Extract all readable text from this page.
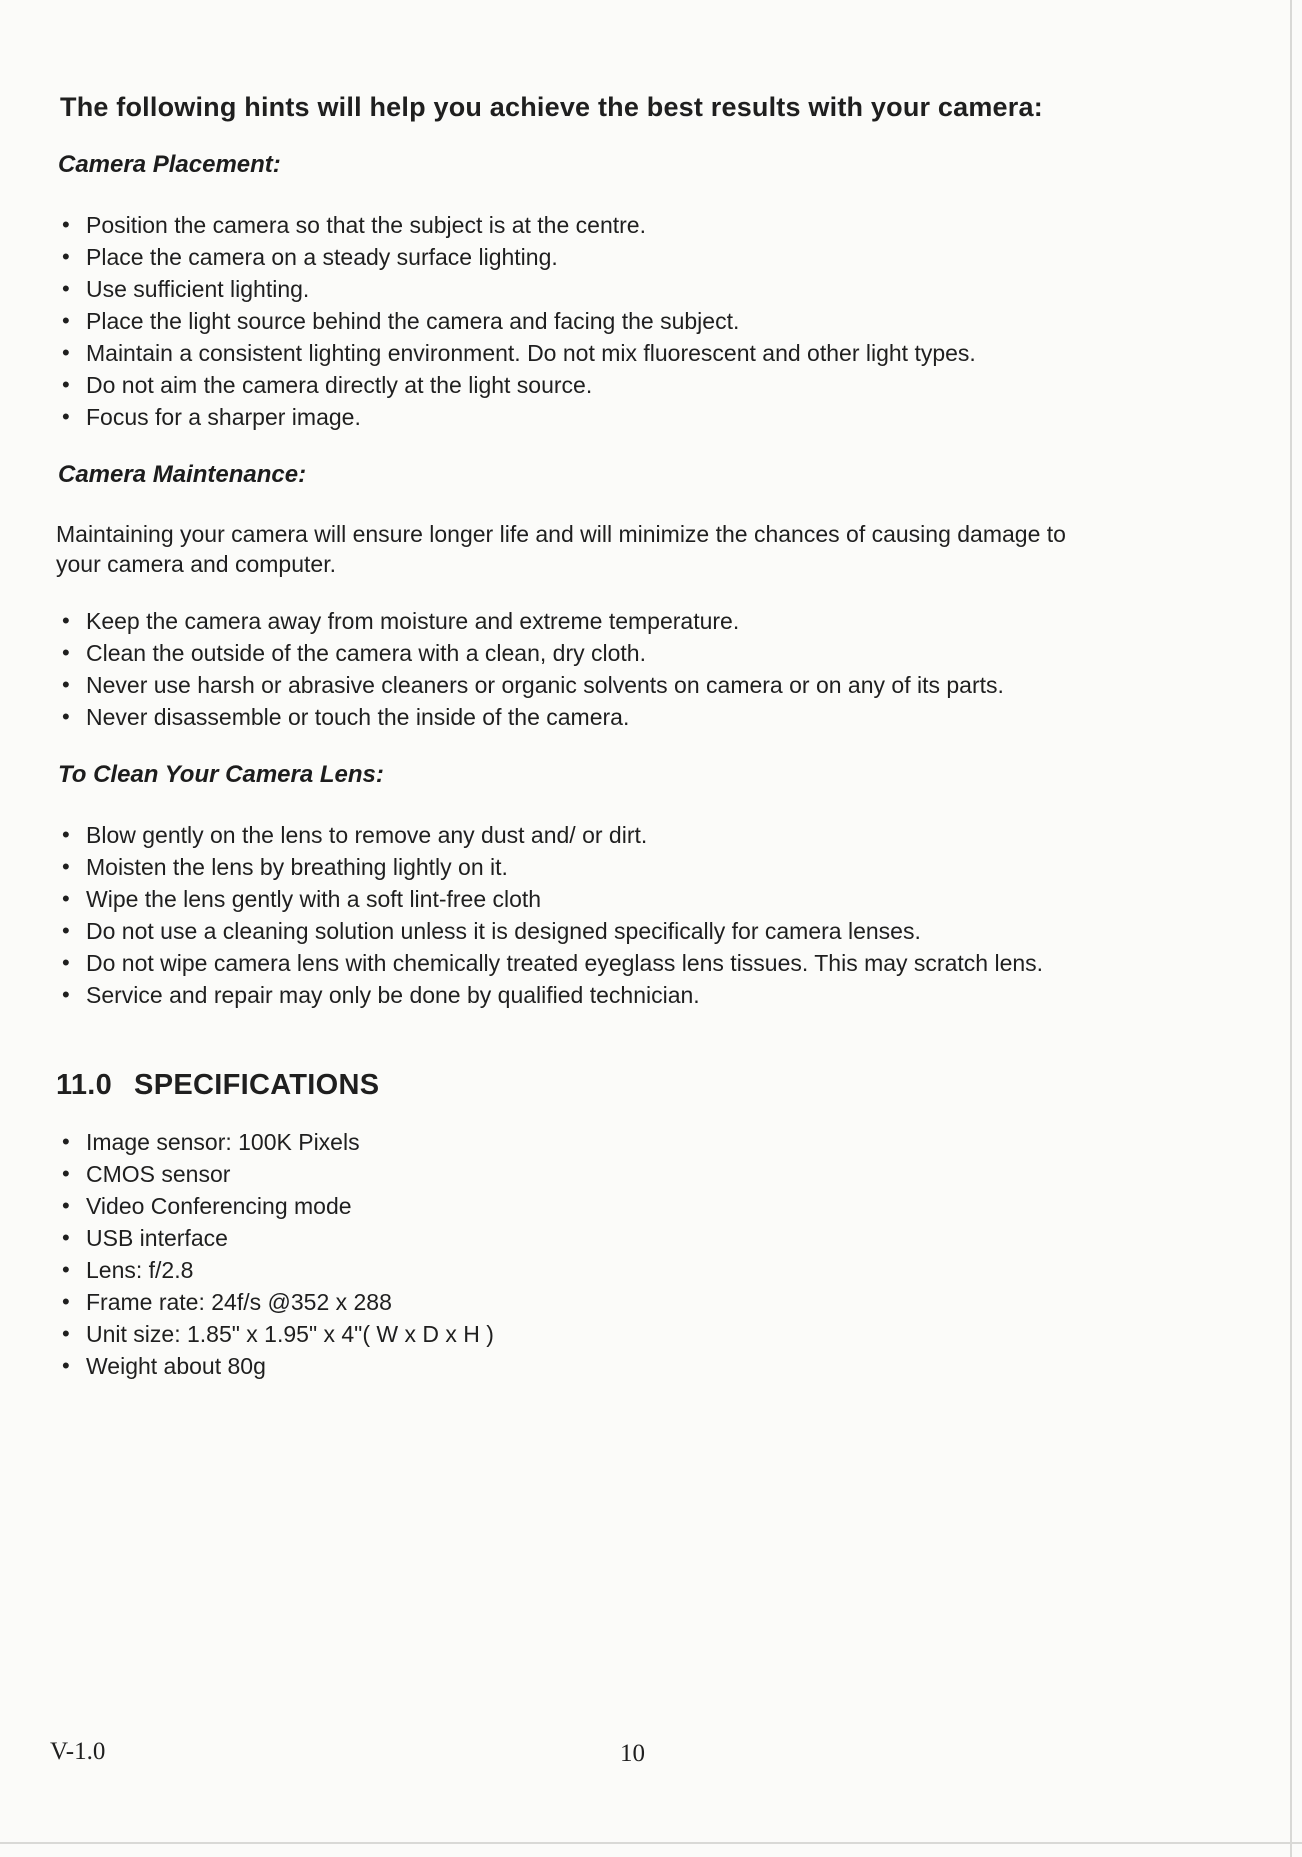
The following hints will help you achieve the best results with your camera:
Camera Placement:
• Position the camera so that the subject is at the centre.
• Place the camera on a steady surface lighting.
• Use sufficient lighting.
• Place the light source behind the camera and facing the subject.
• Maintain a consistent lighting environment. Do not mix fluorescent and other light types.
• Do not aim the camera directly at the light source.
• Focus for a sharper image.
Camera Maintenance:
Maintaining your camera will ensure longer life and will minimize the chances of causing damage to your camera and computer.
• Keep the camera away from moisture and extreme temperature.
• Clean the outside of the camera with a clean, dry cloth.
• Never use harsh or abrasive cleaners or organic solvents on camera or on any of its parts.
• Never disassemble or touch the inside of the camera.
To Clean Your Camera Lens:
• Blow gently on the lens to remove any dust and/ or dirt.
• Moisten the lens by breathing lightly on it.
• Wipe the lens gently with a soft lint-free cloth
• Do not use a cleaning solution unless it is designed specifically for camera lenses.
• Do not wipe camera lens with chemically treated eyeglass lens tissues. This may scratch lens.
• Service and repair may only be done by qualified technician.
11.0 SPECIFICATIONS
• Image sensor: 100K Pixels
• CMOS sensor
• Video Conferencing mode
• USB interface
• Lens: f/2.8
• Frame rate: 24f/s @352 x 288
• Unit size: 1.85" x 1.95" x 4"( W x D x H )
• Weight about 80g
V-1.0	10
